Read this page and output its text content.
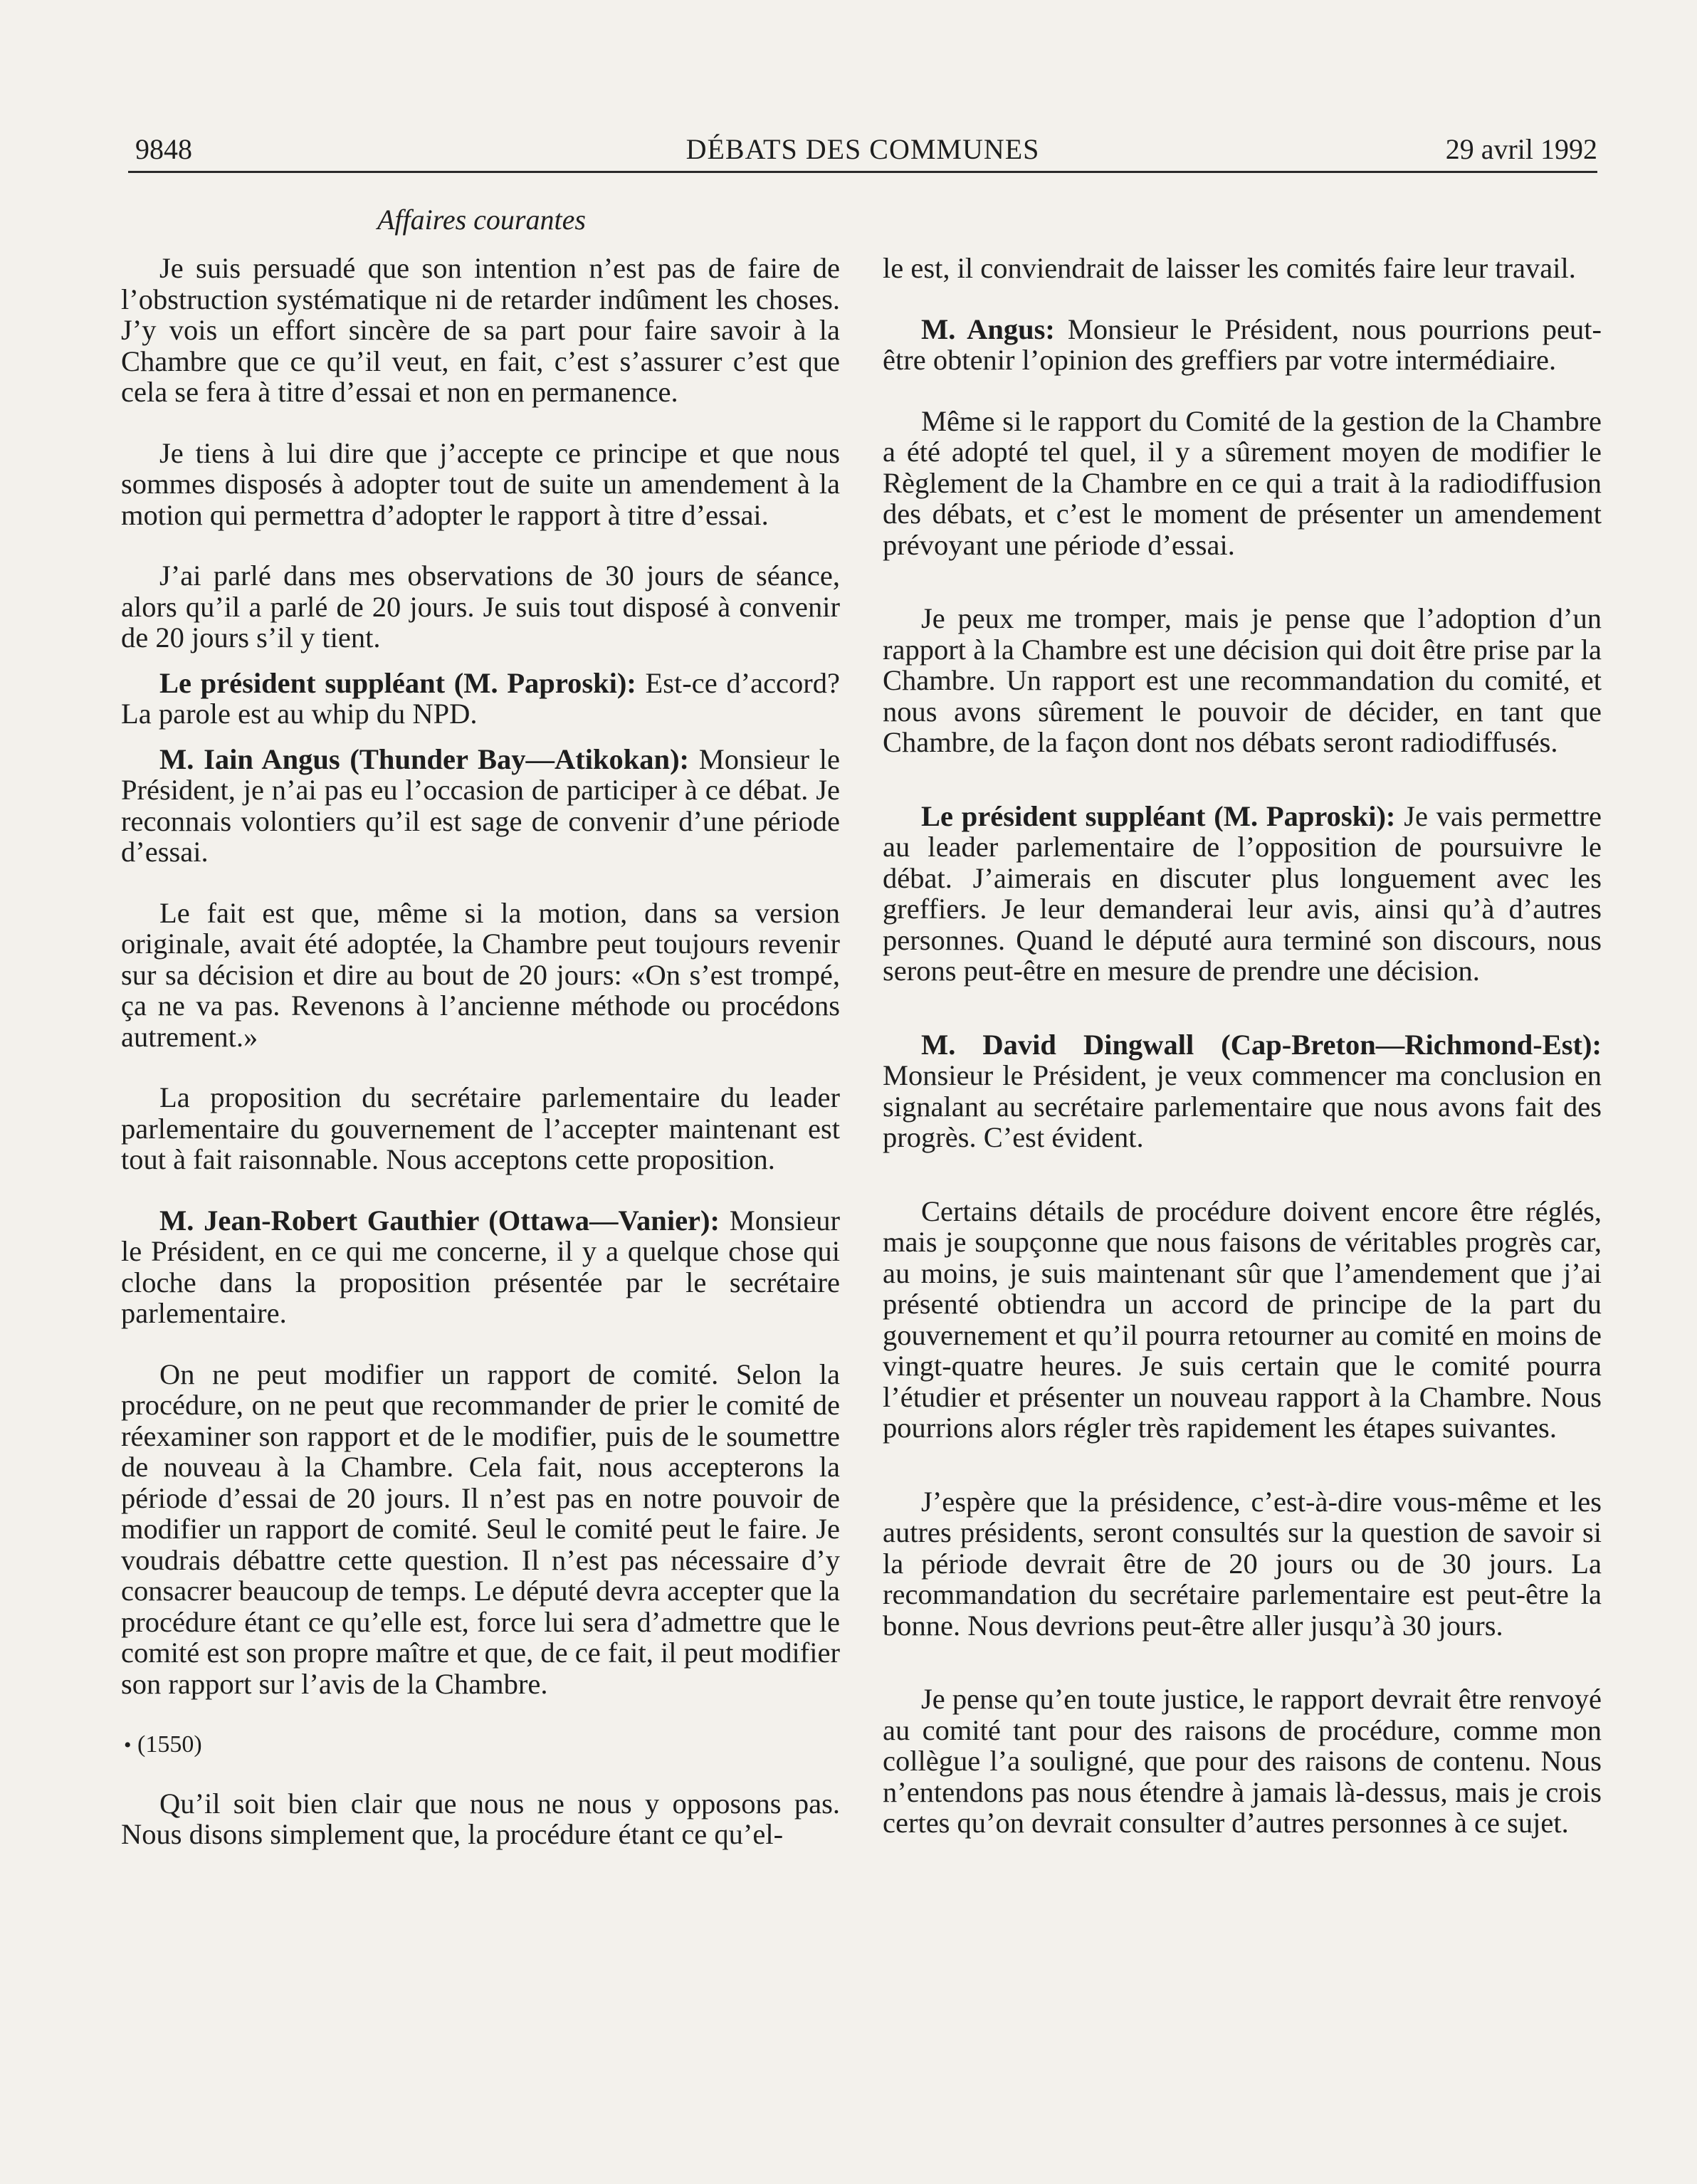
9848	DÉBATS DES COMMUNES	29 avril 1992
Affaires courantes

Je suis persuadé que son intention n’est pas de faire de l’obstruction systématique ni de retarder indûment les choses. J’y vois un effort sincère de sa part pour faire savoir à la Chambre que ce qu’il veut, en fait, c’est s’assurer c’est que cela se fera à titre d’essai et non en permanence.

Je tiens à lui dire que j’accepte ce principe et que nous sommes disposés à adopter tout de suite un amendement à la motion qui permettra d’adopter le rapport à titre d’essai.

J’ai parlé dans mes observations de 30 jours de séance, alors qu’il a parlé de 20 jours. Je suis tout disposé à convenir de 20 jours s’il y tient.

Le président suppléant (M. Paproski): Est-ce d’accord? La parole est au whip du NPD.

M. Iain Angus (Thunder Bay—Atikokan): Monsieur le Président, je n’ai pas eu l’occasion de participer à ce débat. Je reconnais volontiers qu’il est sage de convenir d’une période d’essai.

Le fait est que, même si la motion, dans sa version originale, avait été adoptée, la Chambre peut toujours revenir sur sa décision et dire au bout de 20 jours: «On s’est trompé, ça ne va pas. Revenons à l’ancienne méthode ou procédons autrement.»

La proposition du secrétaire parlementaire du leader parlementaire du gouvernement de l’accepter maintenant est tout à fait raisonnable. Nous acceptons cette proposition.

M. Jean-Robert Gauthier (Ottawa—Vanier): Monsieur le Président, en ce qui me concerne, il y a quelque chose qui cloche dans la proposition présentée par le secrétaire parlementaire.

On ne peut modifier un rapport de comité. Selon la procédure, on ne peut que recommander de prier le comité de réexaminer son rapport et de le modifier, puis de le soumettre de nouveau à la Chambre. Cela fait, nous accepterons la période d’essai de 20 jours. Il n’est pas en notre pouvoir de modifier un rapport de comité. Seul le comité peut le faire. Je voudrais débattre cette question. Il n’est pas nécessaire d’y consacrer beaucoup de temps. Le député devra accepter que la procédure étant ce qu’elle est, force lui sera d’admettre que le comité est son propre maître et que, de ce fait, il peut modifier son rapport sur l’avis de la Chambre.

• (1550)

Qu’il soit bien clair que nous ne nous y opposons pas. Nous disons simplement que, la procédure étant ce qu’el-

le est, il conviendrait de laisser les comités faire leur travail.

M. Angus: Monsieur le Président, nous pourrions peut-être obtenir l’opinion des greffiers par votre intermédiaire.

Même si le rapport du Comité de la gestion de la Chambre a été adopté tel quel, il y a sûrement moyen de modifier le Règlement de la Chambre en ce qui a trait à la radiodiffusion des débats, et c’est le moment de présenter un amendement prévoyant une période d’essai.

Je peux me tromper, mais je pense que l’adoption d’un rapport à la Chambre est une décision qui doit être prise par la Chambre. Un rapport est une recommandation du comité, et nous avons sûrement le pouvoir de décider, en tant que Chambre, de la façon dont nos débats seront radiodiffusés.

Le président suppléant (M. Paproski): Je vais permettre au leader parlementaire de l’opposition de poursuivre le débat. J’aimerais en discuter plus longuement avec les greffiers. Je leur demanderai leur avis, ainsi qu’à d’autres personnes. Quand le député aura terminé son discours, nous serons peut-être en mesure de prendre une décision.

M. David Dingwall (Cap-Breton—Richmond-Est): Monsieur le Président, je veux commencer ma conclusion en signalant au secrétaire parlementaire que nous avons fait des progrès. C’est évident.

Certains détails de procédure doivent encore être réglés, mais je soupçonne que nous faisons de véritables progrès car, au moins, je suis maintenant sûr que l’amendement que j’ai présenté obtiendra un accord de principe de la part du gouvernement et qu’il pourra retourner au comité en moins de vingt-quatre heures. Je suis certain que le comité pourra l’étudier et présenter un nouveau rapport à la Chambre. Nous pourrions alors régler très rapidement les étapes suivantes.

J’espère que la présidence, c’est-à-dire vous-même et les autres présidents, seront consultés sur la question de savoir si la période devrait être de 20 jours ou de 30 jours. La recommandation du secrétaire parlementaire est peut-être la bonne. Nous devrions peut-être aller jusqu’à 30 jours.

Je pense qu’en toute justice, le rapport devrait être renvoyé au comité tant pour des raisons de procédure, comme mon collègue l’a souligné, que pour des raisons de contenu. Nous n’entendons pas nous étendre à jamais là-dessus, mais je crois certes qu’on devrait consulter d’autres personnes à ce sujet.
